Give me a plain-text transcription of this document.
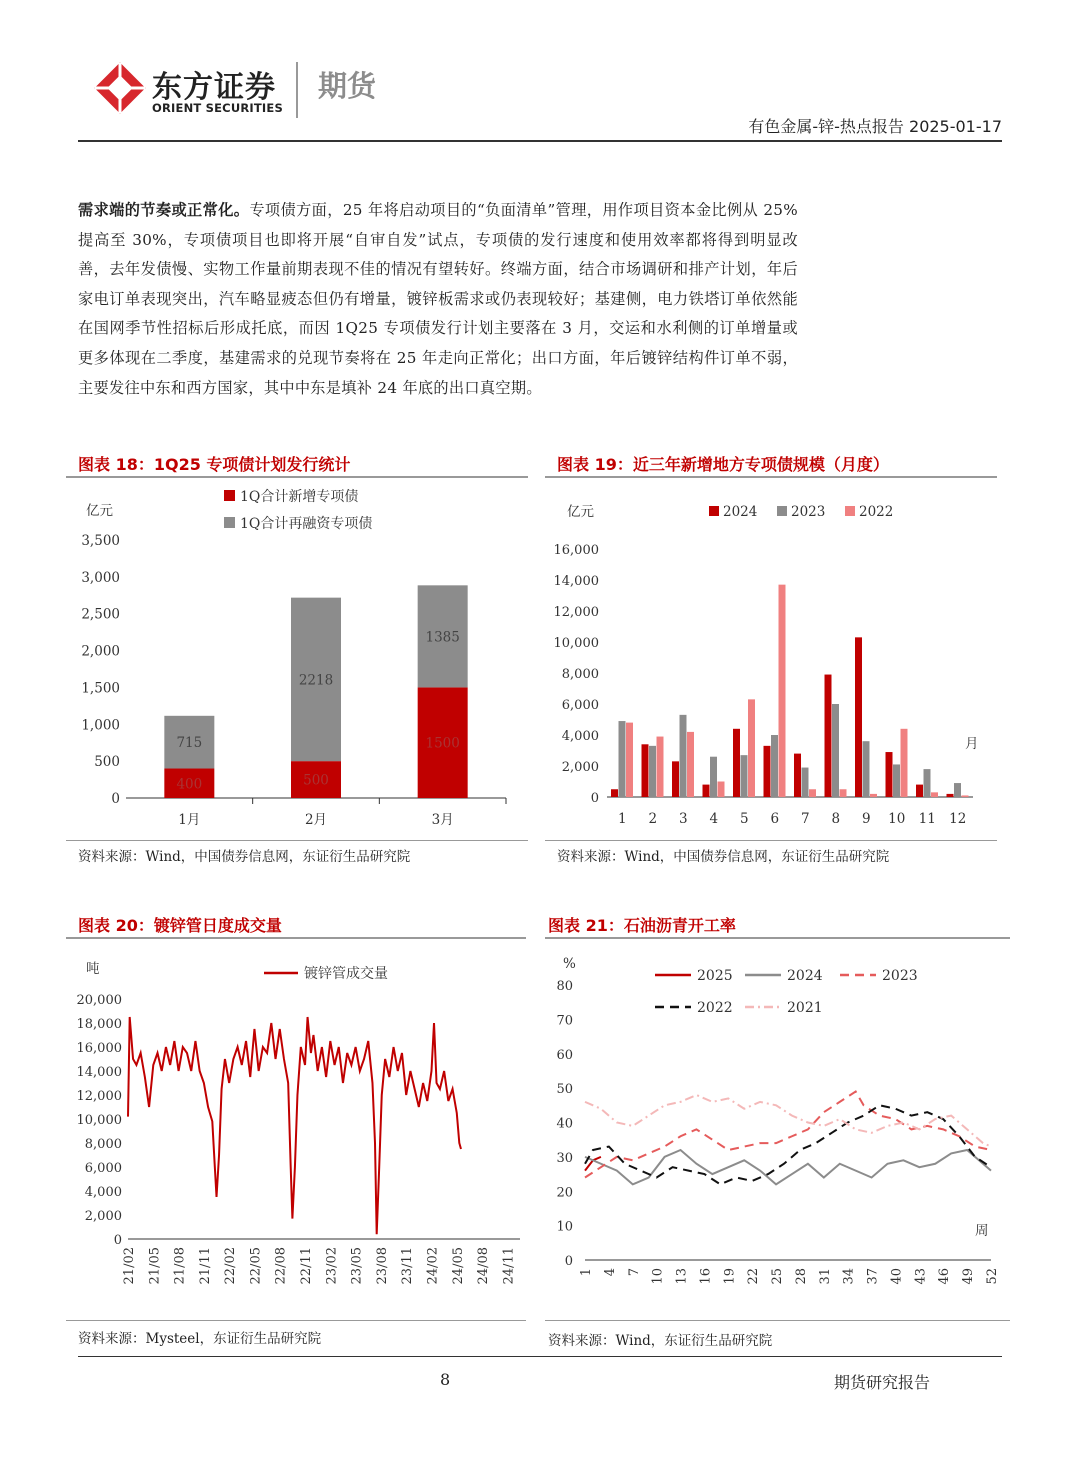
东方证券
ORIENT SECURITIES
期货
有色金属-锌-热点报告 2025-01-17
需求端的节奏或正常化。专项债方面，25 年将启动项目的“负面清单”管理，用作项目资本金比例从 25%提高至 30%，专项债项目也即将开展“自审自发”试点，专项债的发行速度和使用效率都将得到明显改善，去年发债慢、实物工作量前期表现不佳的情况有望转好。终端方面，结合市场调研和排产计划，年后家电订单表现突出，汽车略显疲态但仍有增量，镀锌板需求或仍表现较好；基建侧，电力铁塔订单依然能在国网季节性招标后形成托底，而因 1Q25 专项债发行计划主要落在 3 月，交运和水利侧的订单增量或更多体现在二季度，基建需求的兑现节奏将在 25 年走向正常化；出口方面，年后镀锌结构件订单不弱，主要发往中东和西方国家，其中中东是填补 24 年底的出口真空期。
图表 18：1Q25 专项债计划发行统计
亿元
0
500
1,000
1,500
2,000
2,500
3,000
3,500
400
715
1月
500
2218
2月
1500
1385
3月
1Q合计新增专项债
1Q合计再融资专项债
资料来源：Wind，中国债券信息网，东证衍生品研究院
图表 19：近三年新增地方专项债规模（月度）
亿元
0
2,000
4,000
6,000
8,000
10,000
12,000
14,000
16,000
1 2 3 4 5 6 7 8 9 10 11 12
月
2024 2023 2022
资料来源：Wind，中国债券信息网，东证衍生品研究院
图表 20：镀锌管日度成交量
吨
0
2,000
4,000
6,000
8,000
10,000
12,000
14,000
16,000
18,000
20,000
21/02 21/05 21/08 21/11 22/02 22/05 22/08 22/11 23/02 23/05 23/08 23/11 24/02 24/05 24/08 24/11
镀锌管成交量
资料来源：Mysteel，东证衍生品研究院
图表 21：石油沥青开工率
%
0
10
20
30
40
50
60
70
80
1 4 7 10 13 16 19 22 25 28 31 34 37 40 43 46 49 52
周
2025	2024	2023
2022	2021
资料来源：Wind，东证衍生品研究院
8	期货研究报告
